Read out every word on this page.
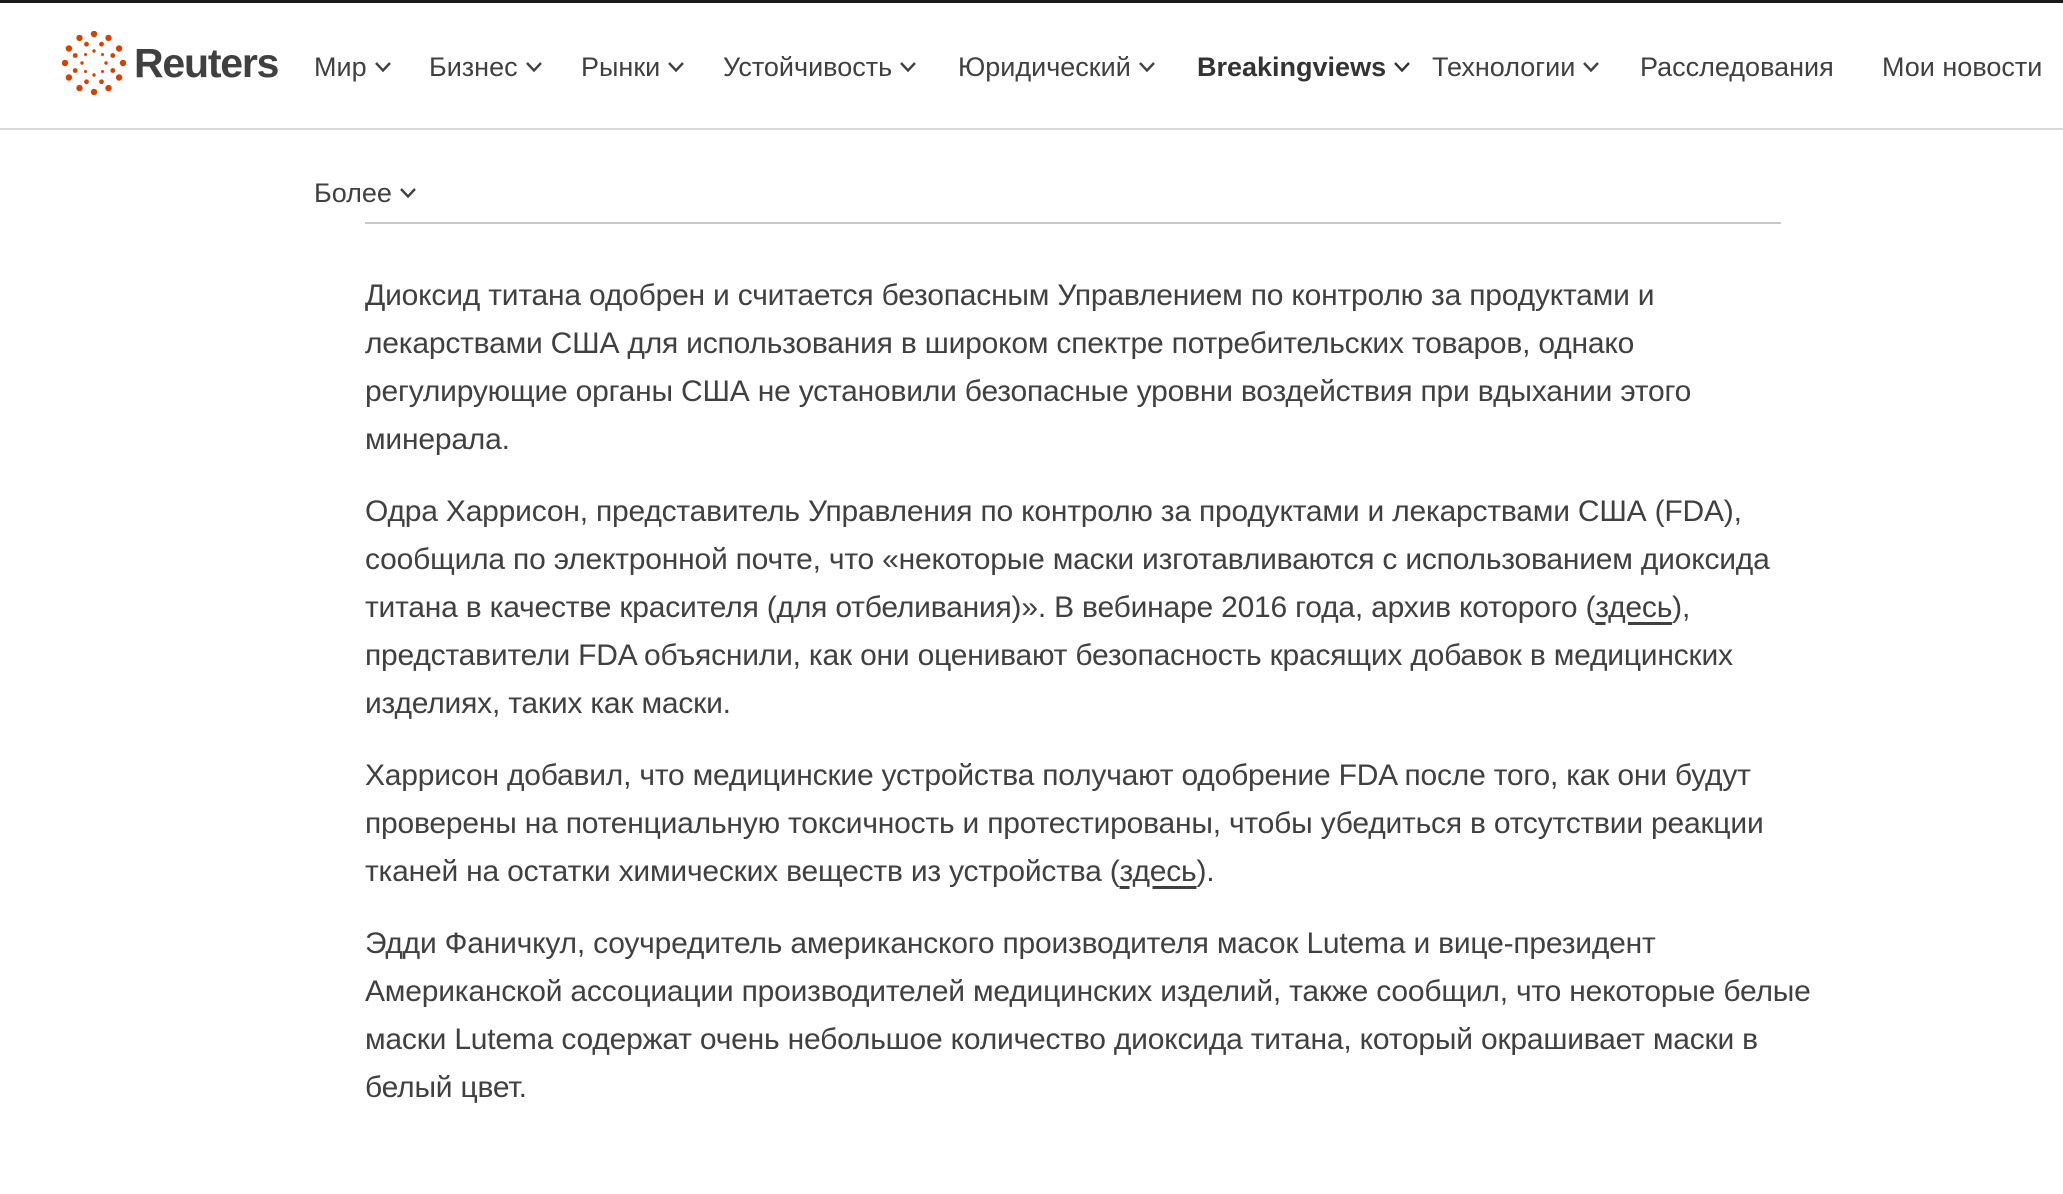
Reuters Мир Бизнес Рынки Устойчивость Юридический Breakingviews Технологии Расследования Мои новости
Более

Диоксид титана одобрен и считается безопасным Управлением по контролю за продуктами и лекарствами США для использования в широком спектре потребительских товаров, однако регулирующие органы США не установили безопасные уровни воздействия при вдыхании этого минерала.

Одра Харрисон, представитель Управления по контролю за продуктами и лекарствами США (FDA), сообщила по электронной почте, что «некоторые маски изготавливаются с использованием диоксида титана в качестве красителя (для отбеливания)». В вебинаре 2016 года, архив которого (здесь), представители FDA объяснили, как они оценивают безопасность красящих добавок в медицинских изделиях, таких как маски.

Харрисон добавил, что медицинские устройства получают одобрение FDA после того, как они будут проверены на потенциальную токсичность и протестированы, чтобы убедиться в отсутствии реакции тканей на остатки химических веществ из устройства (здесь).

Эдди Фаничкул, соучредитель американского производителя масок Lutema и вице-президент Американской ассоциации производителей медицинских изделий, также сообщил, что некоторые белые маски Lutema содержат очень небольшое количество диоксида титана, который окрашивает маски в белый цвет.
